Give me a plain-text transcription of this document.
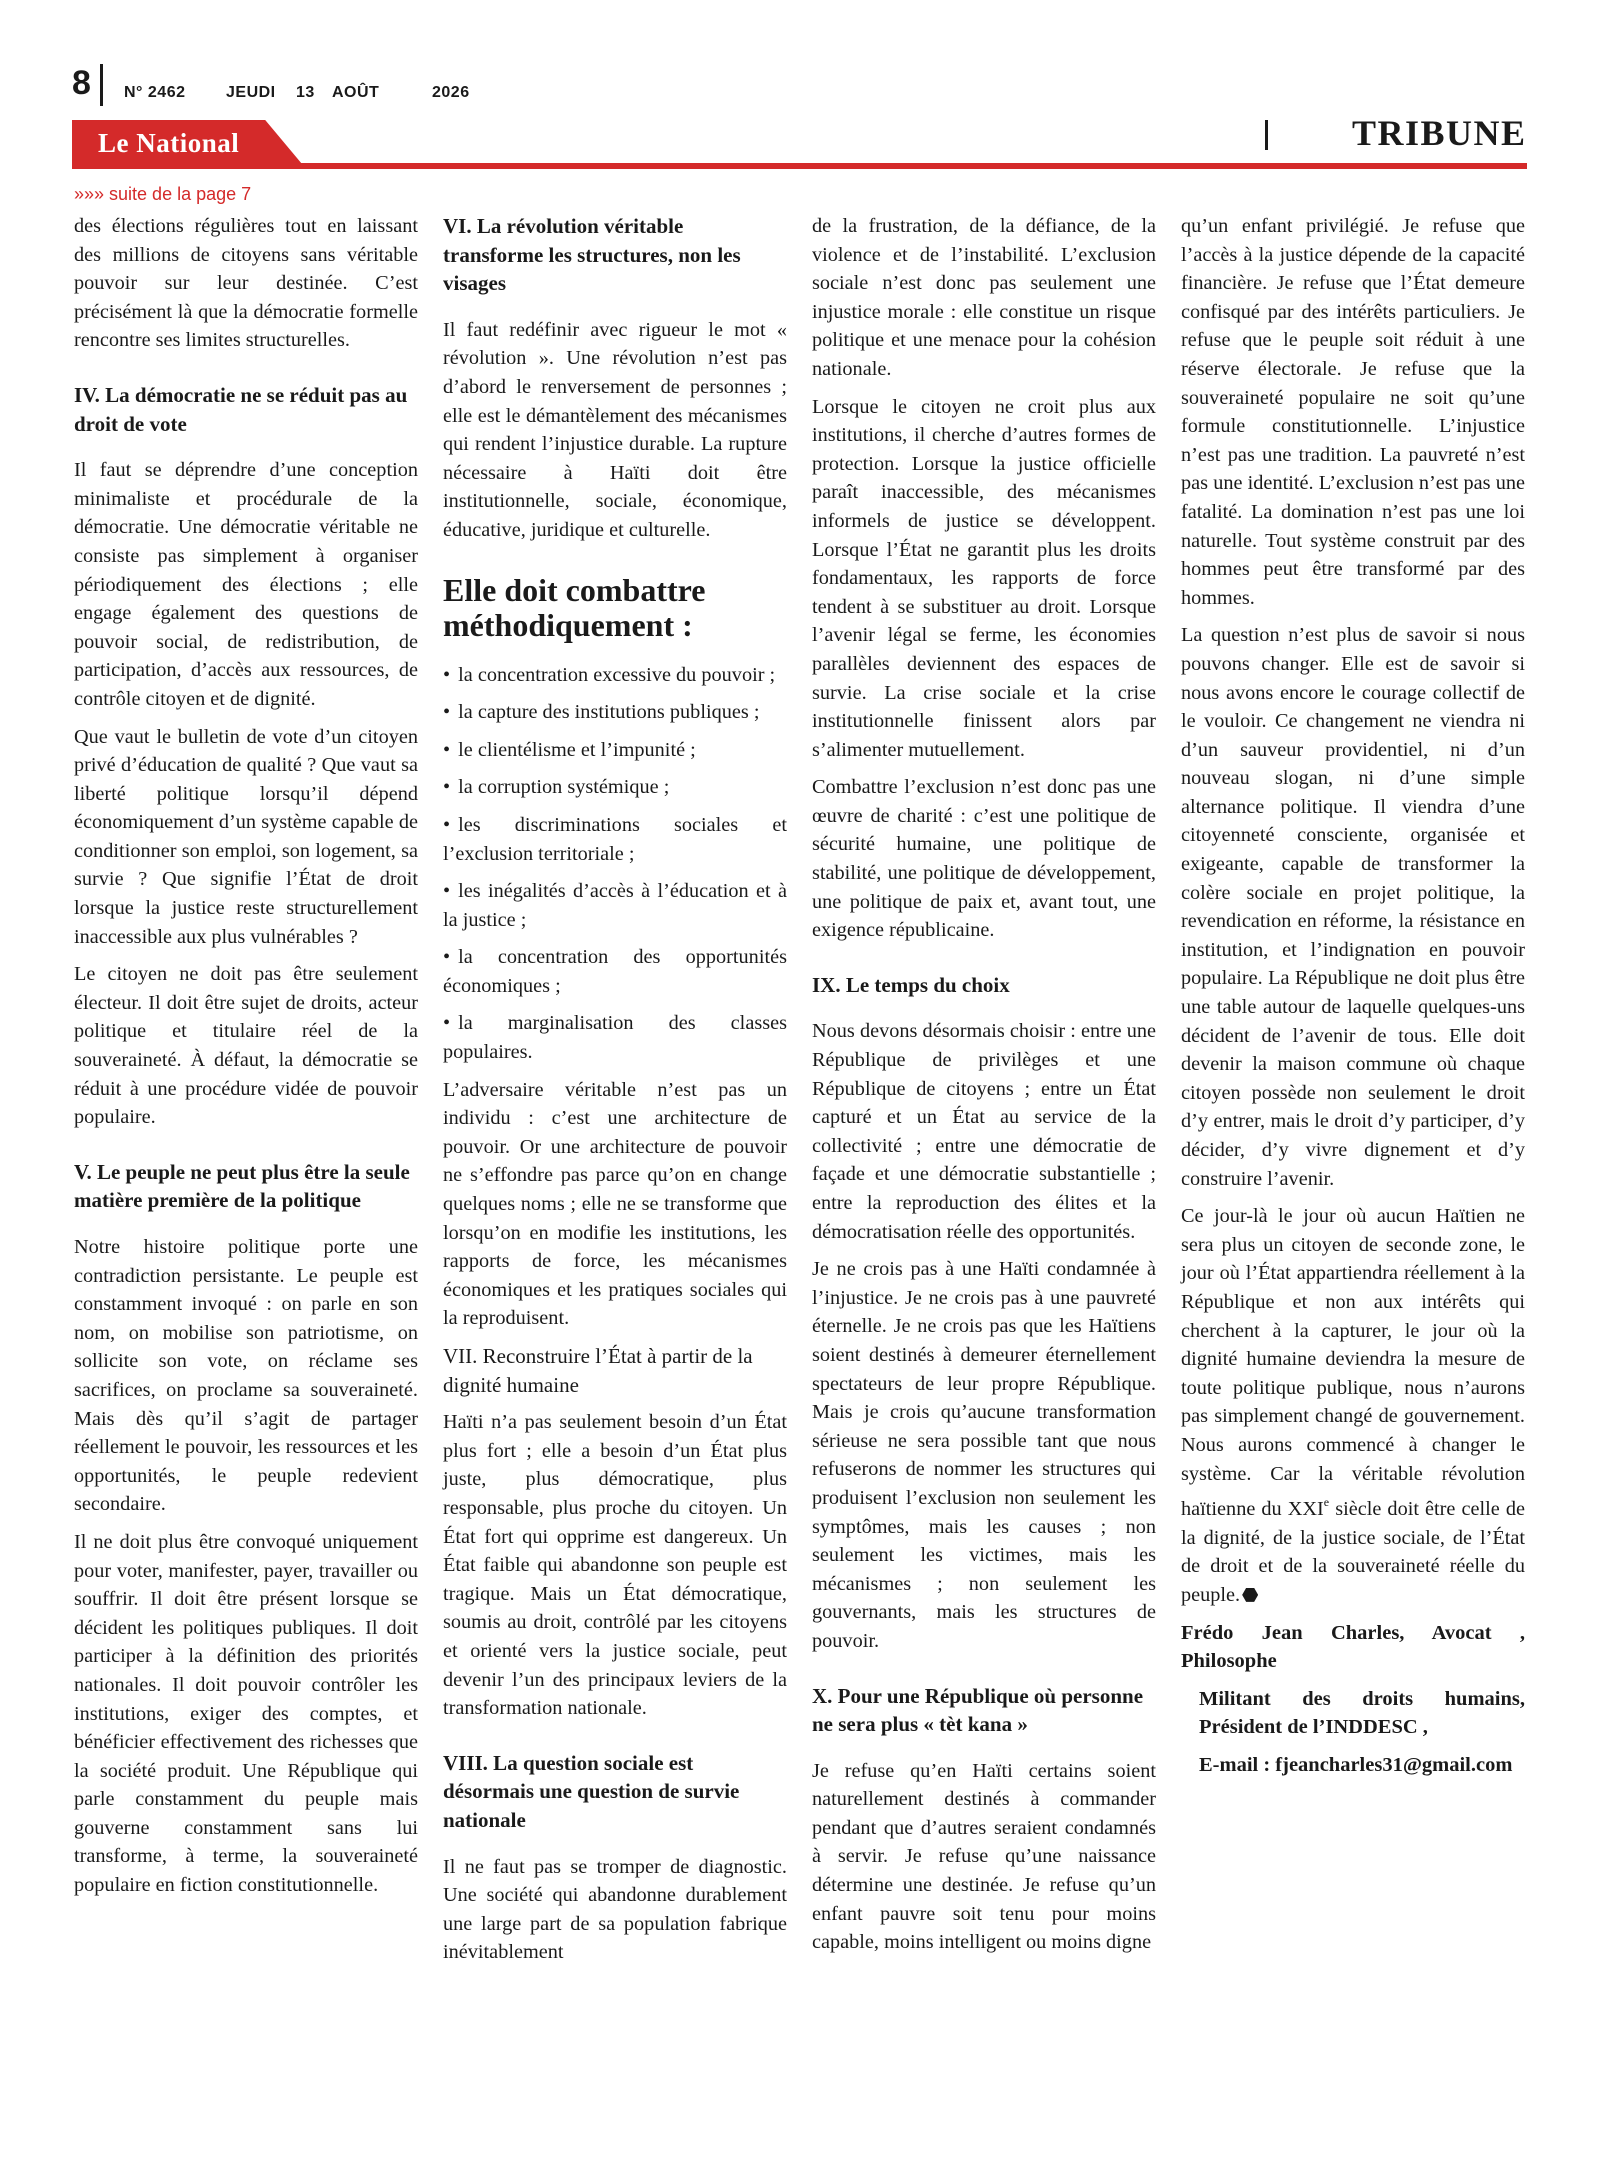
8 N° 2462	JEUDI	13	AOÛT	2026
Le National	TRIBUNE
»»» suite de la page 7

des élections régulières tout en laissant des millions de citoyens sans véritable pouvoir sur leur destinée. C’est précisément là que la démocratie formelle rencontre ses limites structurelles.

IV. La démocratie ne se réduit pas au droit de vote

Il faut se déprendre d’une conception minimaliste et procédurale de la démocratie. Une démocratie véritable ne consiste pas simplement à organiser périodiquement des élections ; elle engage également des questions de pouvoir social, de redistribution, de participation, d’accès aux ressources, de contrôle citoyen et de dignité.

Que vaut le bulletin de vote d’un citoyen privé d’éducation de qualité ? Que vaut sa liberté politique lorsqu’il dépend économiquement d’un système capable de conditionner son emploi, son logement, sa survie ? Que signifie l’État de droit lorsque la justice reste structurellement inaccessible aux plus vulnérables ?

Le citoyen ne doit pas être seulement électeur. Il doit être sujet de droits, acteur politique et titulaire réel de la souveraineté. À défaut, la démocratie se réduit à une procédure vidée de pouvoir populaire.

V. Le peuple ne peut plus être la seule matière première de la politique

Notre histoire politique porte une contradiction persistante. Le peuple est constamment invoqué : on parle en son nom, on mobilise son patriotisme, on sollicite son vote, on réclame ses sacrifices, on proclame sa souveraineté. Mais dès qu’il s’agit de partager réellement le pouvoir, les ressources et les opportunités, le peuple redevient secondaire.

Il ne doit plus être convoqué uniquement pour voter, manifester, payer, travailler ou souffrir. Il doit être présent lorsque se décident les politiques publiques. Il doit participer à la définition des priorités nationales. Il doit pouvoir contrôler les institutions, exiger des comptes, et bénéficier effectivement des richesses que la société produit. Une République qui parle constamment du peuple mais gouverne constamment sans lui transforme, à terme, la souveraineté populaire en fiction constitutionnelle.

VI. La révolution véritable transforme les structures, non les visages

Il faut redéfinir avec rigueur le mot « révolution ». Une révolution n’est pas d’abord le renversement de personnes ; elle est le démantèlement des mécanismes qui rendent l’injustice durable. La rupture nécessaire à Haïti doit être institutionnelle, sociale, économique, éducative, juridique et culturelle.

Elle doit combattre méthodiquement :
• la concentration excessive du pouvoir ;
• la capture des institutions publiques ;
• le clientélisme et l’impunité ;
• la corruption systémique ;
• les discriminations sociales et l’exclusion territoriale ;
• les inégalités d’accès à l’éducation et à la justice ;
• la concentration des opportunités économiques ;
• la marginalisation des classes populaires.

L’adversaire véritable n’est pas un individu : c’est une architecture de pouvoir. Or une architecture de pouvoir ne s’effondre pas parce qu’on en change quelques noms ; elle ne se transforme que lorsqu’on en modifie les institutions, les rapports de force, les mécanismes économiques et les pratiques sociales qui la reproduisent.

VII. Reconstruire l’État à partir de la dignité humaine

Haïti n’a pas seulement besoin d’un État plus fort ; elle a besoin d’un État plus juste, plus démocratique, plus responsable, plus proche du citoyen. Un État fort qui opprime est dangereux. Un État faible qui abandonne son peuple est tragique. Mais un État démocratique, soumis au droit, contrôlé par les citoyens et orienté vers la justice sociale, peut devenir l’un des principaux leviers de la transformation nationale.

VIII. La question sociale est désormais une question de survie nationale

Il ne faut pas se tromper de diagnostic. Une société qui abandonne durablement une large part de sa population fabrique inévitablement

de la frustration, de la défiance, de la violence et de l’instabilité. L’exclusion sociale n’est donc pas seulement une injustice morale : elle constitue un risque politique et une menace pour la cohésion nationale.

Lorsque le citoyen ne croit plus aux institutions, il cherche d’autres formes de protection. Lorsque la justice officielle paraît inaccessible, des mécanismes informels de justice se développent. Lorsque l’État ne garantit plus les droits fondamentaux, les rapports de force tendent à se substituer au droit. Lorsque l’avenir légal se ferme, les économies parallèles deviennent des espaces de survie. La crise sociale et la crise institutionnelle finissent alors par s’alimenter mutuellement.

Combattre l’exclusion n’est donc pas une œuvre de charité : c’est une politique de sécurité humaine, une politique de stabilité, une politique de développement, une politique de paix et, avant tout, une exigence républicaine.

IX. Le temps du choix

Nous devons désormais choisir : entre une République de privilèges et une République de citoyens ; entre un État capturé et un État au service de la collectivité ; entre une démocratie de façade et une démocratie substantielle ; entre la reproduction des élites et la démocratisation réelle des opportunités.

Je ne crois pas à une Haïti condamnée à l’injustice. Je ne crois pas à une pauvreté éternelle. Je ne crois pas que les Haïtiens soient destinés à demeurer éternellement spectateurs de leur propre République. Mais je crois qu’aucune transformation sérieuse ne sera possible tant que nous refuserons de nommer les structures qui produisent l’exclusion non seulement les symptômes, mais les causes ; non seulement les victimes, mais les mécanismes ; non seulement les gouvernants, mais les structures de pouvoir.

X. Pour une République où personne ne sera plus « tèt kana »

Je refuse qu’en Haïti certains soient naturellement destinés à commander pendant que d’autres seraient condamnés à servir. Je refuse qu’une naissance détermine une destinée. Je refuse qu’un enfant pauvre soit tenu pour moins capable, moins intelligent ou moins digne

qu’un enfant privilégié. Je refuse que l’accès à la justice dépende de la capacité financière. Je refuse que l’État demeure confisqué par des intérêts particuliers. Je refuse que le peuple soit réduit à une réserve électorale. Je refuse que la souveraineté populaire ne soit qu’une formule constitutionnelle. L’injustice n’est pas une tradition. La pauvreté n’est pas une identité. L’exclusion n’est pas une fatalité. La domination n’est pas une loi naturelle. Tout système construit par des hommes peut être transformé par des hommes.

La question n’est plus de savoir si nous pouvons changer. Elle est de savoir si nous avons encore le courage collectif de le vouloir. Ce changement ne viendra ni d’un sauveur providentiel, ni d’un nouveau slogan, ni d’une simple alternance politique. Il viendra d’une citoyenneté consciente, organisée et exigeante, capable de transformer la colère sociale en projet politique, la revendication en réforme, la résistance en institution, et l’indignation en pouvoir populaire. La République ne doit plus être une table autour de laquelle quelques-uns décident de l’avenir de tous. Elle doit devenir la maison commune où chaque citoyen possède non seulement le droit d’y entrer, mais le droit d’y participer, d’y décider, d’y vivre dignement et d’y construire l’avenir.

Ce jour-là le jour où aucun Haïtien ne sera plus un citoyen de seconde zone, le jour où l’État appartiendra réellement à la République et non aux intérêts qui cherchent à la capturer, le jour où la dignité humaine deviendra la mesure de toute politique publique, nous n’aurons pas simplement changé de gouvernement. Nous aurons commencé à changer le système. Car la véritable révolution haïtienne du XXIe siècle doit être celle de la dignité, de la justice sociale, de l’État de droit et de la souveraineté réelle du peuple.

Frédo Jean Charles, Avocat , Philosophe

Militant des droits humains, Président de l’INDDESC ,

E-mail : fjeancharles31@gmail.com
